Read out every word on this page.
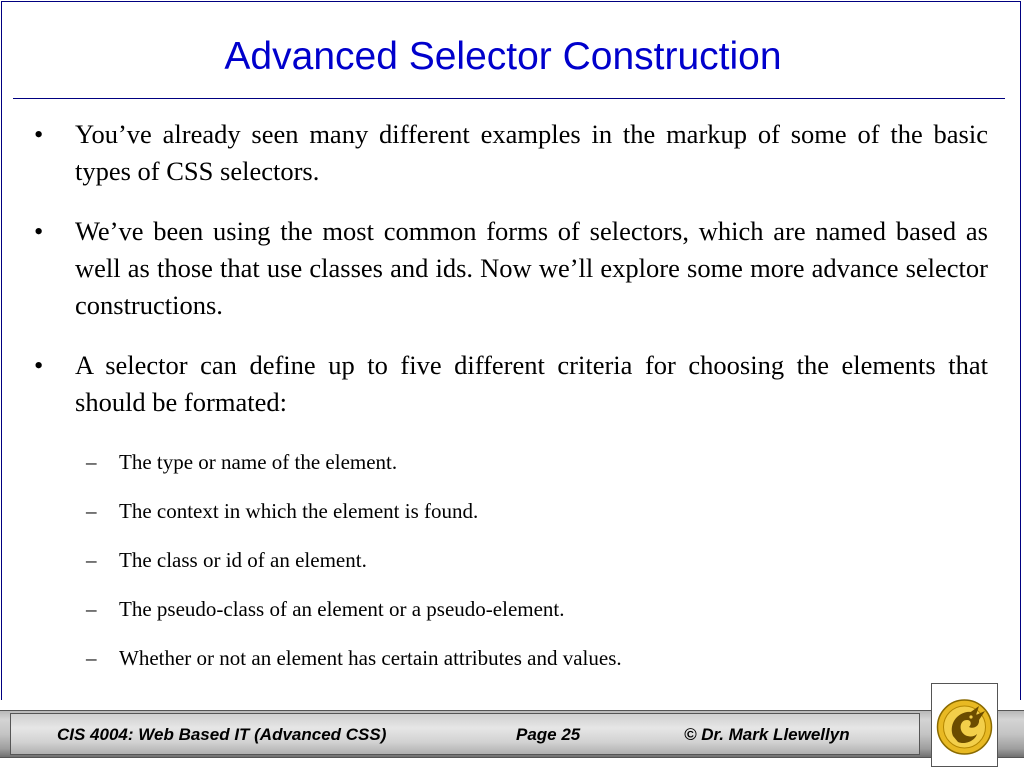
Advanced Selector Construction

• You’ve already seen many different examples in the markup of some of the basic types of CSS selectors.

• We’ve been using the most common forms of selectors, which are named based as well as those that use classes and ids. Now we’ll explore some more advance selector constructions.

• A selector can define up to five different criteria for choosing the elements that should be formated:

– The type or name of the element.

– The context in which the element is found.

– The class or id of an element.

– The pseudo-class of an element or a pseudo-element.

– Whether or not an element has certain attributes and values.

CIS 4004: Web Based IT (Advanced CSS)	Page 25	© Dr. Mark Llewellyn
